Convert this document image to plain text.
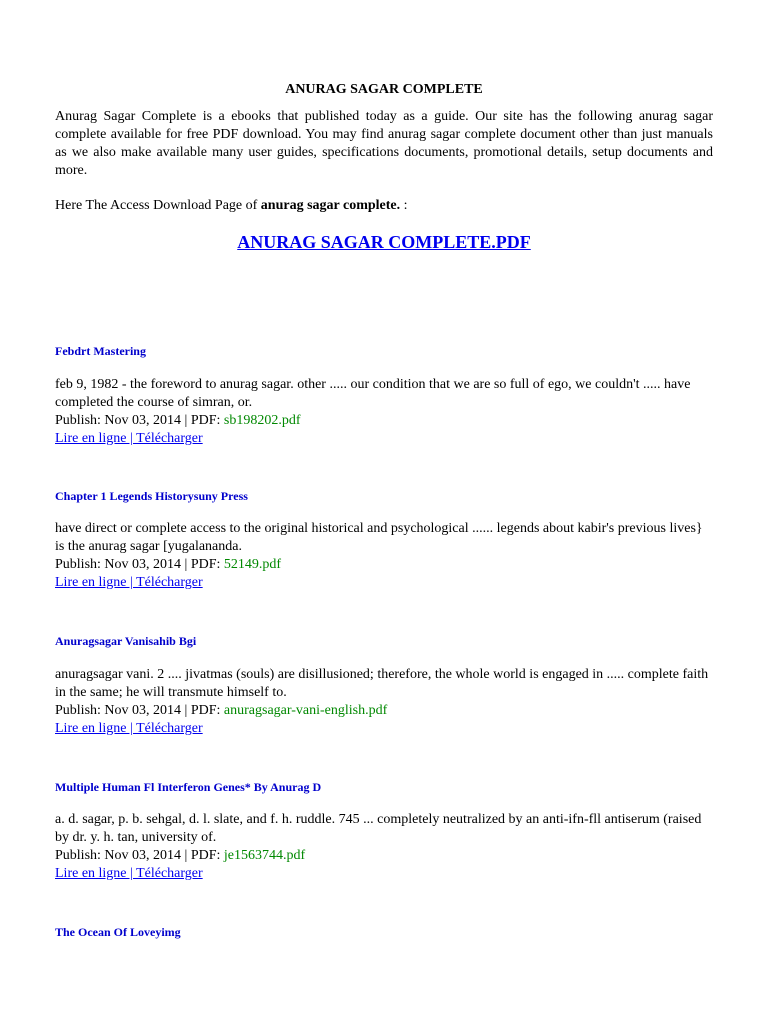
ANURAG SAGAR COMPLETE

Anurag Sagar Complete is a ebooks that published today as a guide. Our site has the following anurag sagar complete available for free PDF download. You may find anurag sagar complete document other than just manuals as we also make available many user guides, specifications documents, promotional details, setup documents and more.

Here The Access Download Page of anurag sagar complete. :

ANURAG SAGAR COMPLETE.PDF

Febdrt Mastering

feb 9, 1982 - the foreword to anurag sagar. other ..... our condition that we are so full of ego, we couldn't ..... have completed the course of simran, or.
Publish: Nov 03, 2014 | PDF: sb198202.pdf
Lire en ligne | Télécharger

Chapter 1 Legends Historysuny Press

have direct or complete access to the original historical and psychological ...... legends about kabir's previous lives} is the anurag sagar [yugalananda.
Publish: Nov 03, 2014 | PDF: 52149.pdf
Lire en ligne | Télécharger

Anuragsagar Vanisahib Bgi

anuragsagar vani. 2 .... jivatmas (souls) are disillusioned; therefore, the whole world is engaged in ..... complete faith in the same; he will transmute himself to.
Publish: Nov 03, 2014 | PDF: anuragsagar-vani-english.pdf
Lire en ligne | Télécharger

Multiple Human Fl Interferon Genes* By Anurag D

a. d. sagar, p. b. sehgal, d. l. slate, and f. h. ruddle. 745 ... completely neutralized by an anti-ifn-fll antiserum (raised by dr. y. h. tan, university of.
Publish: Nov 03, 2014 | PDF: je1563744.pdf
Lire en ligne | Télécharger

The Ocean Of Loveyimg
